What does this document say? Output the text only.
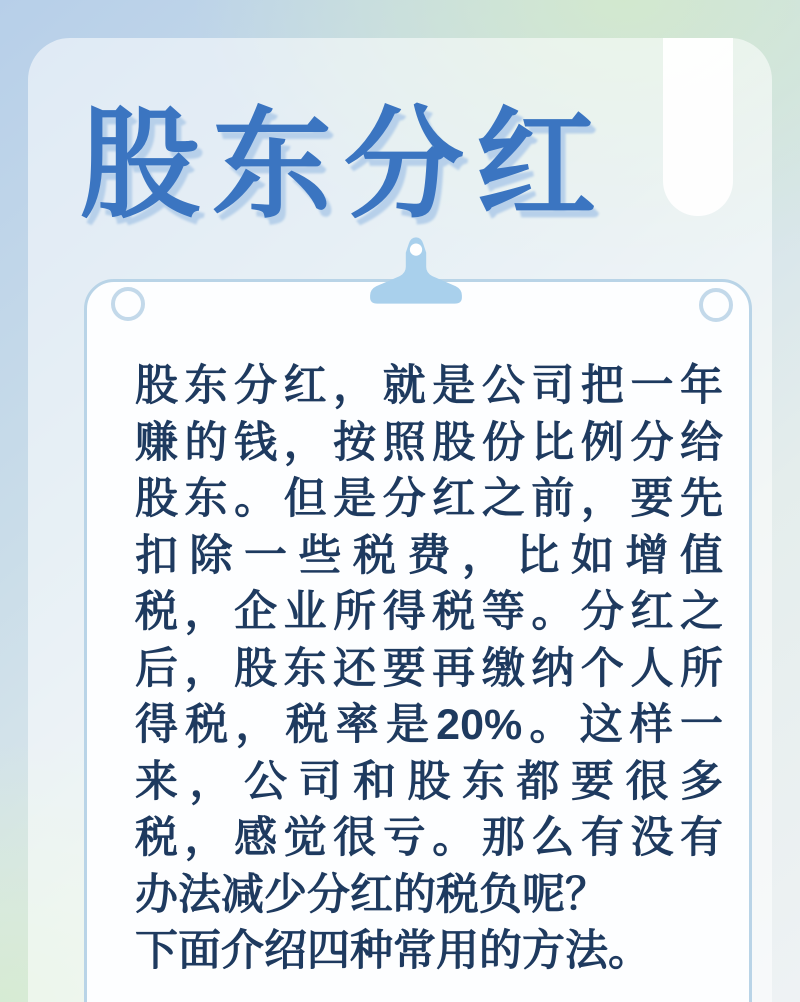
股东分红
股东分红，就是公司把一年
赚的钱，按照股份比例分给
股东。但是分红之前，要先
扣除一些税费，比如增值
税，企业所得税等。分红之
后，股东还要再缴纳个人所
得税，税率是20%。这样一
来，公司和股东都要很多
税，感觉很亏。那么有没有
办法减少分红的税负呢？
下面介绍四种常用的方法。
